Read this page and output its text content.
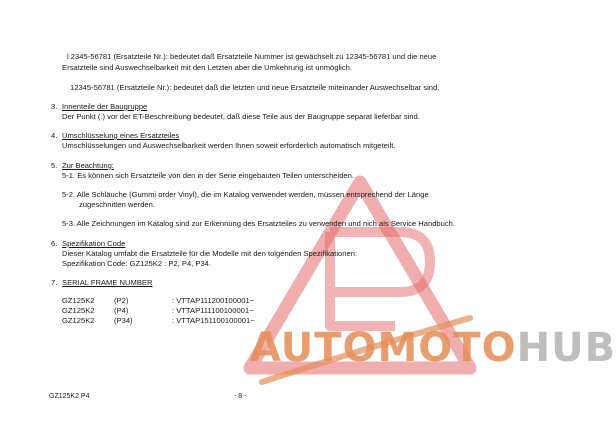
l 2345-56781 (Ersatzteile Nr.): bedeutet daß Ersatzteile Nummer ist gewächselt zu 12345-56781 und die neue
Ersatzteile sind Auswechselbarkeit mit den Letzten aber die Umkehrung ist unmöglich.
12345-56781 (Ersatzteile Nr.): bedeutet daß die letzten und neue Ersatzteile miteinander Auswechselbar sind.
3. Innenteile der Baugruppe
Der Punkt (.) vor der ET-Beschreibung bedeutet, daß diese Teile aus der Baugruppe separat lieferbar sind.
4. Umschlüsselung eines Ersatzteiles
Umschlüsselungen und Auswechselbarkeit werden Ihnen soweit erforderlich automatisch mitgeteilt.
5. Zur Beachtung:
5-1. Es können sich Ersatzteile von den in der Serie eingebauten Teilen unterscheiden.
5-2. Alle Schläuche (Gummi order Vinyl), die im Katalog verwendet werden, müssen entsprechend der Länge
zugeschnitten werden.
5-3. Alle Zeichnungen im Katalog sind zur Erkennung des Ersatzteiles zu verwenden und nich als Service Handbuch.
6. Spezifikation Code
Dieser Katalog umfabt die Ersatzteile für die Modelle mit den tolgenden Spezifikationen:
Spezifikation Code: GZ125K2 : P2, P4, P34.
7. SERIAL FRAME NUMBER
GZ125K2	(P2)	: VTTAP111200100001~
GZ125K2	(P4)	: VTTAP111100100001~
GZ125K2	(P34)	: VTTAP151100100001~
AUTOMOTOHUB
GZ125K2 P4	- 8 -
